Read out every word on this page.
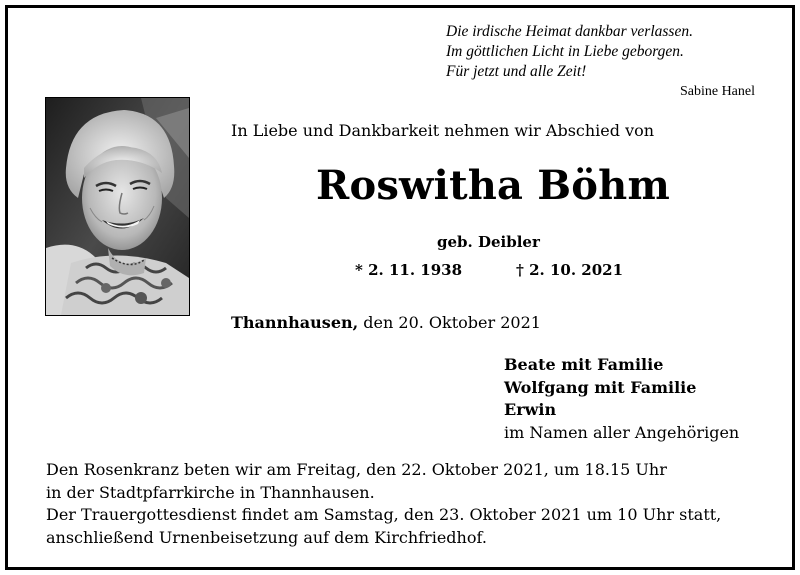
Die irdische Heimat dankbar verlassen.
Im göttlichen Licht in Liebe geborgen.
Für jetzt und alle Zeit!
Sabine Hanel
In Liebe und Dankbarkeit nehmen wir Abschied von
Roswitha Böhm
geb. Deibler
* 2. 11. 1938	† 2. 10. 2021
Thannhausen, den 20. Oktober 2021
Beate mit Familie
Wolfgang mit Familie
Erwin
im Namen aller Angehörigen
Den Rosenkranz beten wir am Freitag, den 22. Oktober 2021, um 18.15 Uhr
in der Stadtpfarrkirche in Thannhausen.
Der Trauergottesdienst findet am Samstag, den 23. Oktober 2021 um 10 Uhr statt,
anschließend Urnenbeisetzung auf dem Kirchfriedhof.
